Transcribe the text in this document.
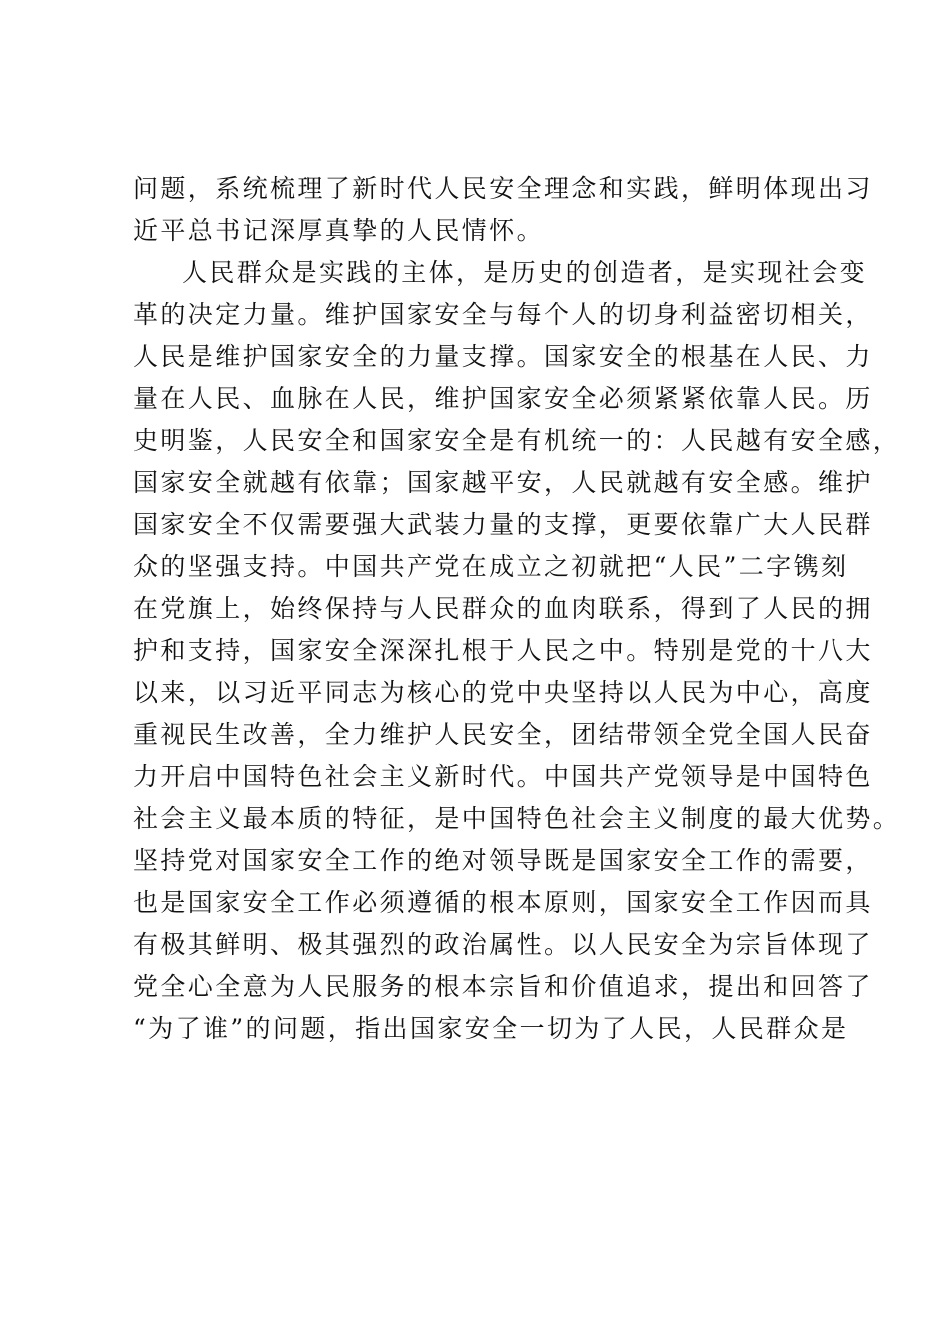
问题，系统梳理了新时代人民安全理念和实践，鲜明体现出习
近平总书记深厚真挚的人民情怀。
人民群众是实践的主体，是历史的创造者，是实现社会变
革的决定力量。维护国家安全与每个人的切身利益密切相关，
人民是维护国家安全的力量支撑。国家安全的根基在人民、力
量在人民、血脉在人民，维护国家安全必须紧紧依靠人民。历
史明鉴，人民安全和国家安全是有机统一的：人民越有安全感，
国家安全就越有依靠；国家越平安，人民就越有安全感。维护
国家安全不仅需要强大武装力量的支撑，更要依靠广大人民群
众的坚强支持。中国共产党在成立之初就把“人民”二字镌刻
在党旗上，始终保持与人民群众的血肉联系，得到了人民的拥
护和支持，国家安全深深扎根于人民之中。特别是党的十八大
以来，以习近平同志为核心的党中央坚持以人民为中心，高度
重视民生改善，全力维护人民安全，团结带领全党全国人民奋
力开启中国特色社会主义新时代。中国共产党领导是中国特色
社会主义最本质的特征，是中国特色社会主义制度的最大优势。
坚持党对国家安全工作的绝对领导既是国家安全工作的需要，
也是国家安全工作必须遵循的根本原则，国家安全工作因而具
有极其鲜明、极其强烈的政治属性。以人民安全为宗旨体现了
党全心全意为人民服务的根本宗旨和价值追求，提出和回答了
“为了谁”的问题，指出国家安全一切为了人民，人民群众是
